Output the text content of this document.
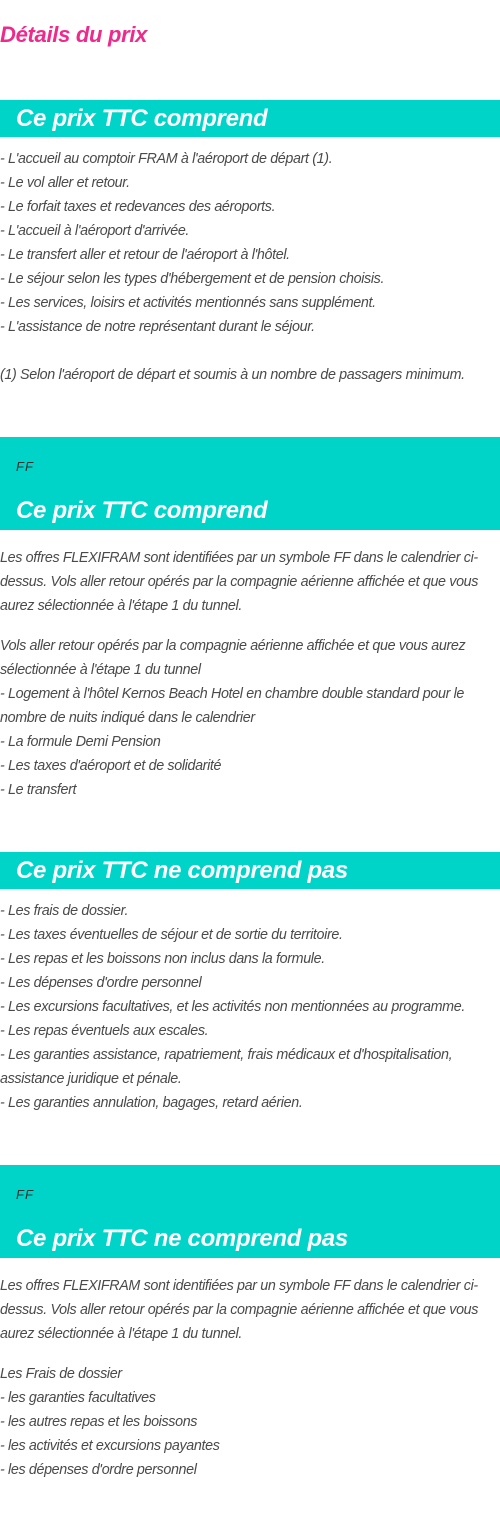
Détails du prix
Ce prix TTC comprend
- L'accueil au comptoir FRAM à l'aéroport de départ (1).
- Le vol aller et retour.
- Le forfait taxes et redevances des aéroports.
- L'accueil à l'aéroport d'arrivée.
- Le transfert aller et retour de l'aéroport à l'hôtel.
- Le séjour selon les types d'hébergement et de pension choisis.
- Les services, loisirs et activités mentionnés sans supplément.
- L'assistance de notre représentant durant le séjour.
(1) Selon l'aéroport de départ et soumis à un nombre de passagers minimum.
FF
Ce prix TTC comprend
Les offres FLEXIFRAM sont identifiées par un symbole FF dans le calendrier ci-dessus. Vols aller retour opérés par la compagnie aérienne affichée et que vous aurez sélectionnée à l'étape 1 du tunnel.
Vols aller retour opérés par la compagnie aérienne affichée et que vous aurez sélectionnée à l'étape 1 du tunnel
- Logement à l'hôtel Kernos Beach Hotel en chambre double standard pour le nombre de nuits indiqué dans le calendrier
- La formule Demi Pension
- Les taxes d'aéroport et de solidarité
- Le transfert
Ce prix TTC ne comprend pas
- Les frais de dossier.
- Les taxes éventuelles de séjour et de sortie du territoire.
- Les repas et les boissons non inclus dans la formule.
- Les dépenses d'ordre personnel
- Les excursions facultatives, et les activités non mentionnées au programme.
- Les repas éventuels aux escales.
- Les garanties assistance, rapatriement, frais médicaux et d'hospitalisation, assistance juridique et pénale.
- Les garanties annulation, bagages, retard aérien.
FF
Ce prix TTC ne comprend pas
Les offres FLEXIFRAM sont identifiées par un symbole FF dans le calendrier ci-dessus. Vols aller retour opérés par la compagnie aérienne affichée et que vous aurez sélectionnée à l'étape 1 du tunnel.
Les Frais de dossier
- les garanties facultatives
- les autres repas et les boissons
- les activités et excursions payantes
- les dépenses d'ordre personnel
